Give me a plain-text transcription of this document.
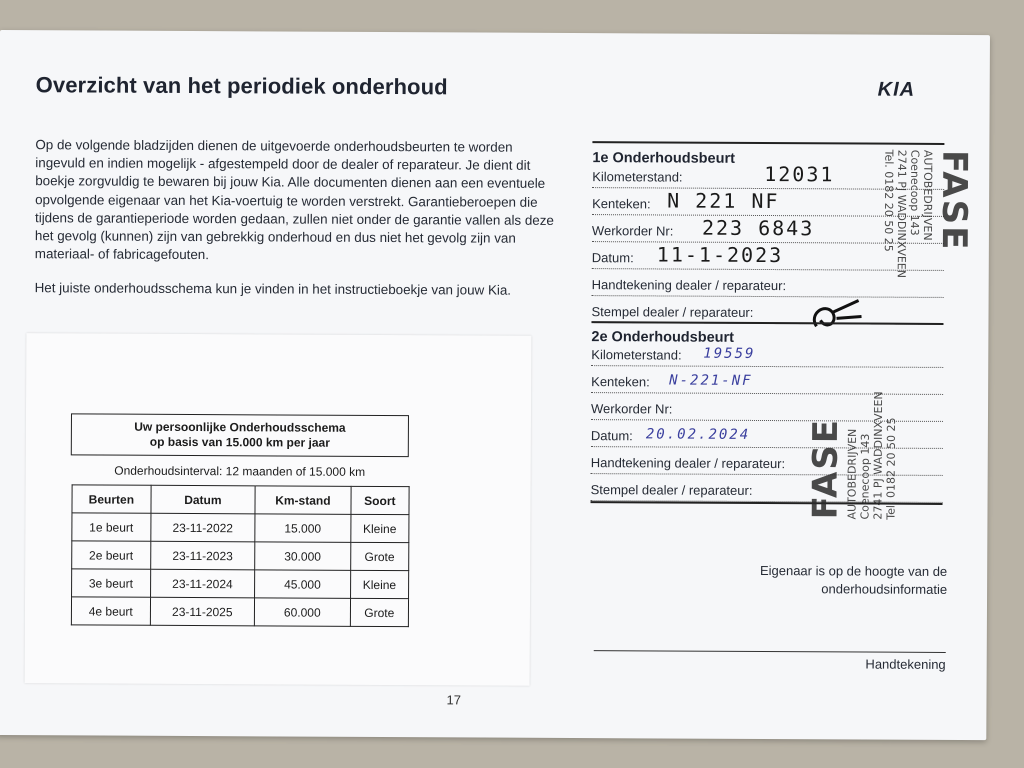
Overzicht van het periodiek onderhoud	KIA

Op de volgende bladzijden dienen de uitgevoerde onderhoudsbeurten te worden ingevuld en indien mogelijk - afgestempeld door de dealer of reparateur. Je dient dit boekje zorgvuldig te bewaren bij jouw Kia. Alle documenten dienen aan een eventuele opvolgende eigenaar van het Kia-voertuig te worden verstrekt. Garantieberoepen die tijdens de garantieperiode worden gedaan, zullen niet onder de garantie vallen als deze het gevolg (kunnen) zijn van gebrekkig onderhoud en dus niet het gevolg zijn van materiaal- of fabricagefouten.

Het juiste onderhoudsschema kun je vinden in het instructieboekje van jouw Kia.

Uw persoonlijke Onderhoudsschema
op basis van 15.000 km per jaar
Onderhoudsinterval: 12 maanden of 15.000 km
Beurten	Datum	Km-stand	Soort
1e beurt	23-11-2022	15.000	Kleine
2e beurt	23-11-2023	30.000	Grote
3e beurt	23-11-2024	45.000	Kleine
4e beurt	23-11-2025	60.000	Grote
17
1e Onderhoudsbeurt
Kilometerstand:	12031
Kenteken: N 221 NF
Werkorder Nr: 223 6843
Datum: 11-1-2023
Handtekening dealer / reparateur:
Stempel dealer / reparateur:
2e Onderhoudsbeurt
Kilometerstand: 19559
Kenteken: N-221-NF
Werkorder Nr:
Datum: 20.02.2024
Handtekening dealer / reparateur:
Stempel dealer / reparateur:
FASE
AUTOBEDRIJVEN
Coenecoop 143
2741 PJ WADDINXVEEN
Tel. 0182 20 50 25
FASE AUTOBEDRIJVEN Coenecoop 143 2741 PJ WADDINXVEEN Tel. 0182 20 50 25
Eigenaar is op de hoogte van de
onderhoudsinformatie
Handtekening
